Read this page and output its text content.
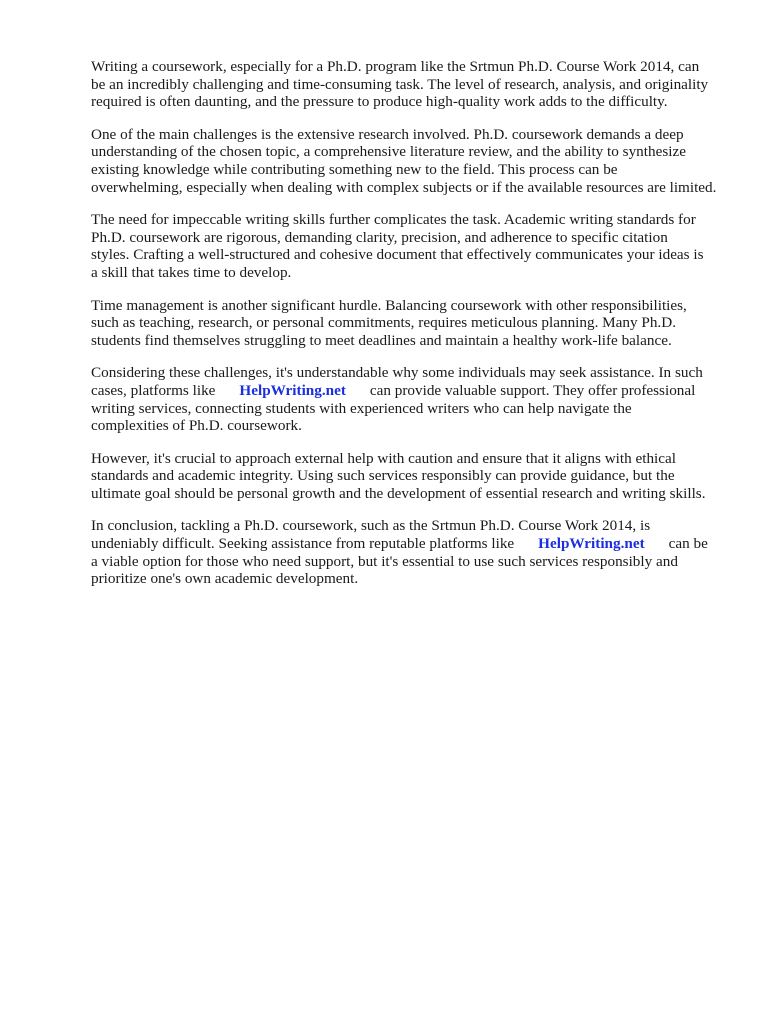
Writing a coursework, especially for a Ph.D. program like the Srtmun Ph.D. Course Work 2014, can
be an incredibly challenging and time-consuming task. The level of research, analysis, and originality
required is often daunting, and the pressure to produce high-quality work adds to the difficulty.

One of the main challenges is the extensive research involved. Ph.D. coursework demands a deep
understanding of the chosen topic, a comprehensive literature review, and the ability to synthesize
existing knowledge while contributing something new to the field. This process can be
overwhelming, especially when dealing with complex subjects or if the available resources are limited.

The need for impeccable writing skills further complicates the task. Academic writing standards for
Ph.D. coursework are rigorous, demanding clarity, precision, and adherence to specific citation
styles. Crafting a well-structured and cohesive document that effectively communicates your ideas is
a skill that takes time to develop.

Time management is another significant hurdle. Balancing coursework with other responsibilities,
such as teaching, research, or personal commitments, requires meticulous planning. Many Ph.D.
students find themselves struggling to meet deadlines and maintain a healthy work-life balance.

Considering these challenges, it's understandable why some individuals may seek assistance. In such
cases, platforms like HelpWriting.net can provide valuable support. They offer professional
writing services, connecting students with experienced writers who can help navigate the
complexities of Ph.D. coursework.

However, it's crucial to approach external help with caution and ensure that it aligns with ethical
standards and academic integrity. Using such services responsibly can provide guidance, but the
ultimate goal should be personal growth and the development of essential research and writing skills.

In conclusion, tackling a Ph.D. coursework, such as the Srtmun Ph.D. Course Work 2014, is
undeniably difficult. Seeking assistance from reputable platforms like HelpWriting.net can be
a viable option for those who need support, but it's essential to use such services responsibly and
prioritize one's own academic development.
